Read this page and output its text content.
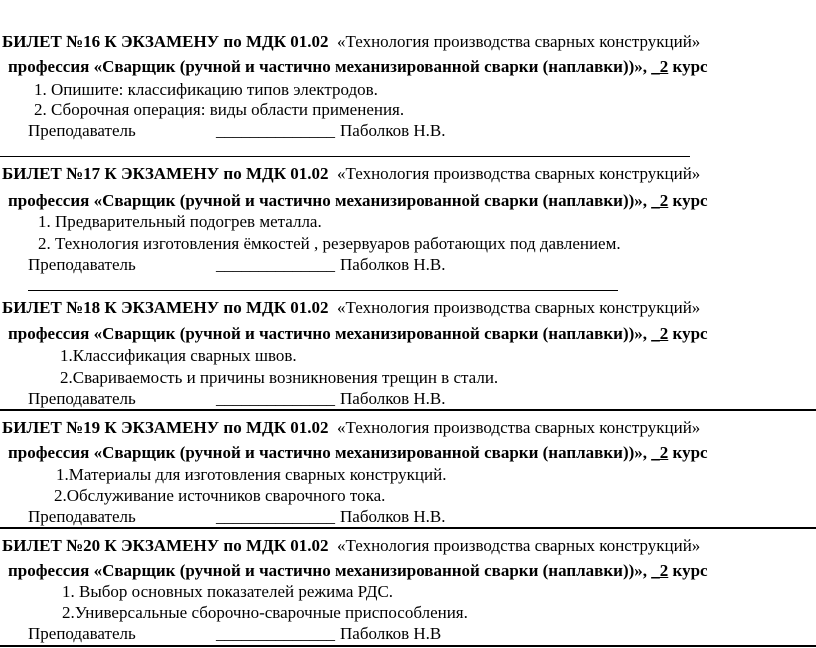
БИЛЕТ №16 К ЭКЗАМЕНУ по МДК 01.02 «Технология производства сварных конструкций»
профессия «Сварщик (ручной и частично механизированной сварки (наплавки))», _2 курс
1. Опишите: классификацию типов электродов.
2. Сборочная операция: виды области применения.
Преподаватель	______________ Паболков Н.В.
БИЛЕТ №17 К ЭКЗАМЕНУ по МДК 01.02 «Технология производства сварных конструкций»
профессия «Сварщик (ручной и частично механизированной сварки (наплавки))», _2 курс
1. Предварительный подогрев металла.
2. Технология изготовления ёмкостей , резервуаров работающих под давлением.
Преподаватель	______________ Паболков Н.В.
БИЛЕТ №18 К ЭКЗАМЕНУ по МДК 01.02 «Технология производства сварных конструкций»
профессия «Сварщик (ручной и частично механизированной сварки (наплавки))», _2 курс
1.Классификация сварных швов.
2.Свариваемость и причины возникновения трещин в стали.
Преподаватель	______________ Паболков Н.В.
БИЛЕТ №19 К ЭКЗАМЕНУ по МДК 01.02 «Технология производства сварных конструкций»
профессия «Сварщик (ручной и частично механизированной сварки (наплавки))», _2 курс
1.Материалы для изготовления сварных конструкций.
2.Обслуживание источников сварочного тока.
Преподаватель	______________ Паболков Н.В.
БИЛЕТ №20 К ЭКЗАМЕНУ по МДК 01.02 «Технология производства сварных конструкций»
профессия «Сварщик (ручной и частично механизированной сварки (наплавки))», _2 курс
1. Выбор основных показателей режима РДС.
2.Универсальные сборочно-сварочные приспособления.
Преподаватель	______________ Паболков Н.В
